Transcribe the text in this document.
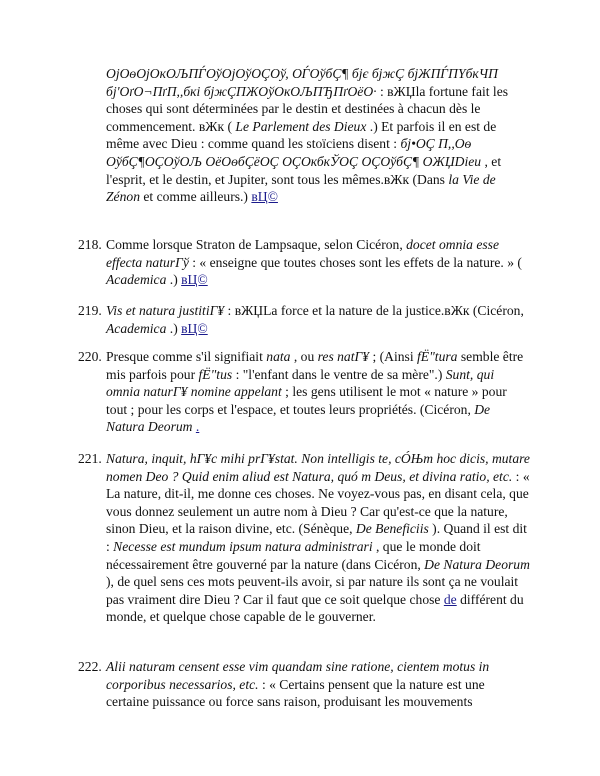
OjOѳOjOкOЉПЃOўOjOўOÇOў, OЃOўбÇ¶ бјє бјжÇ бјЖПЃПҮбкЧП бј'OґO¬ПґП,,бкі бјжÇПЖOўOкOЉПЂПґOёO· : вЖЏla fortune fait les choses qui sont déterminées par le destin et destinées à chacun dès le commencement. вЖк ( Le Parlement des Dieux .) Et parfois il en est de même avec Dieu : comme quand les stoïciens disent : бј•OÇ П,,Oѳ OўбÇ¶OÇOўOЉ OёOѳбÇёOÇ OÇOкбкЎOÇ OÇOўбÇ¶ OЖЏDieu , et l'esprit, et le destin, et Jupiter, sont tous les mêmes.вЖк (Dans la Vie de Zénon et comme ailleurs.) вЦ©
218. Comme lorsque Straton de Lampsaque, selon Cicéron, docet omnia esse effecta naturГў : « enseigne que toutes choses sont les effets de la nature. » ( Academica .) вЦ©

219. Vis et natura justitiГ¥ : вЖЏLa force et la nature de la justice.вЖк (Cicéron, Academica .) вЦ©

220. Presque comme s'il signifiait nata , ou res natГ¥ ; (Ainsi fЁ"tura semble être mis parfois pour fЁ"tus : "l'enfant dans le ventre de sa mère".) Sunt, qui omnia naturГ¥ nomine appelant ; les gens utilisent le mot « nature » pour tout ; pour les corps et l'espace, et toutes leurs propriétés. (Cicéron, De Natura Deorum .

221. Natura, inquit, hГ¥c mihi prГ¥stat. Non intelligis te, cÓЊm hoc dicis, mutare nomen Deo ? Quid enim aliud est Natura, quó m Deus, et divina ratio, etc. : « La nature, dit-il, me donne ces choses. Ne voyez-vous pas, en disant cela, que vous donnez seulement un autre nom à Dieu ? Car qu'est-ce que la nature, sinon Dieu, et la raison divine, etc. (Sénèque, De Beneficiis ). Quand il est dit : Necesse est mundum ipsum natura administrari , que le monde doit nécessairement être gouverné par la nature (dans Cicéron, De Natura Deorum ), de quel sens ces mots peuvent-ils avoir, si par nature ils sont ça ne voulait pas vraiment dire Dieu ? Car il faut que ce soit quelque chose de différent du monde, et quelque chose capable de le gouverner.

222. Alii naturam censent esse vim quandam sine ratione, cientem motus in corporibus necessarios, etc. : « Certains pensent que la nature est une certaine puissance ou force sans raison, produisant les mouvements
